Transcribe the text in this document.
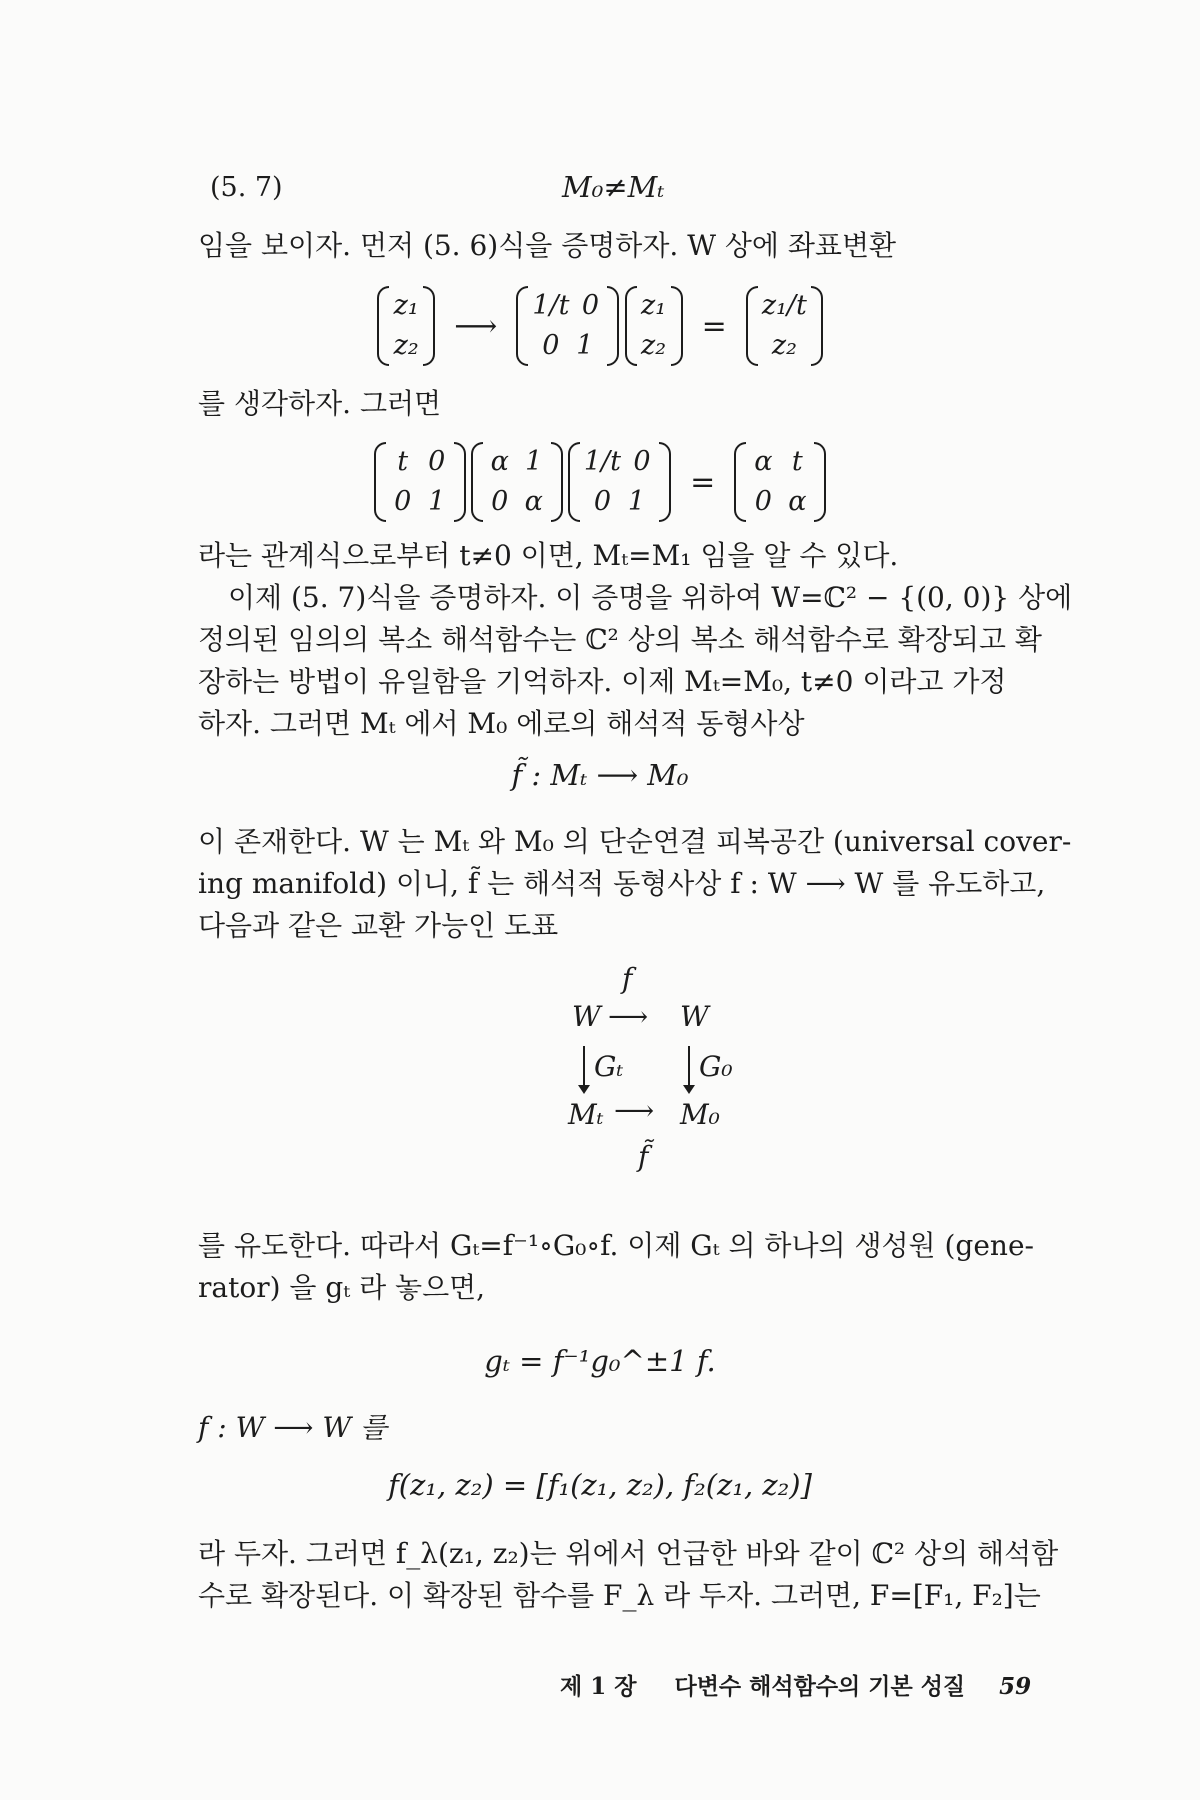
(5. 7)	M₀≠Mₜ
임을 보이자. 먼저 (5. 6)식을 증명하자. W 상에 좌표변환
z₁
z₂
⟶
1/t 0
0 1

z₁
z₂
=
z₁/t
z₂
를 생각하자. 그러면
t 0
0 1

α 1
0 α

1/t 0
0 1
=
α t
0 α
라는 관계식으로부터 t≠0 이면, Mₜ=M₁ 임을 알 수 있다.
이제 (5. 7)식을 증명하자. 이 증명을 위하여 W=ℂ² − {(0, 0)} 상에
정의된 임의의 복소 해석함수는 ℂ² 상의 복소 해석함수로 확장되고 확
장하는 방법이 유일함을 기억하자. 이제 Mₜ=M₀, t≠0 이라고 가정
하자. 그러면 Mₜ 에서 M₀ 에로의 해석적 동형사상
f̃ : Mₜ ⟶ M₀
이 존재한다. W 는 Mₜ 와 M₀ 의 단순연결 피복공간 (universal cover-
ing manifold) 이니, f̃ 는 해석적 동형사상 f : W ⟶ W 를 유도하고,
다음과 같은 교환 가능인 도표
f
W ⟶ W
Gₜ	G₀
Mₜ ⟶ M₀
f̃
를 유도한다. 따라서 Gₜ=f⁻¹∘G₀∘f. 이제 Gₜ 의 하나의 생성원 (gene-
rator) 을 gₜ 라 놓으면,
gₜ = f⁻¹g₀^±1 f.
f : W ⟶ W 를
f(z₁, z₂) = [f₁(z₁, z₂), f₂(z₁, z₂)]
라 두자. 그러면 f_λ(z₁, z₂)는 위에서 언급한 바와 같이 ℂ² 상의 해석함
수로 확장된다. 이 확장된 함수를 F_λ 라 두자. 그러면, F=[F₁, F₂]는
제 1 장 다변수 해석함수의 기본 성질 59
